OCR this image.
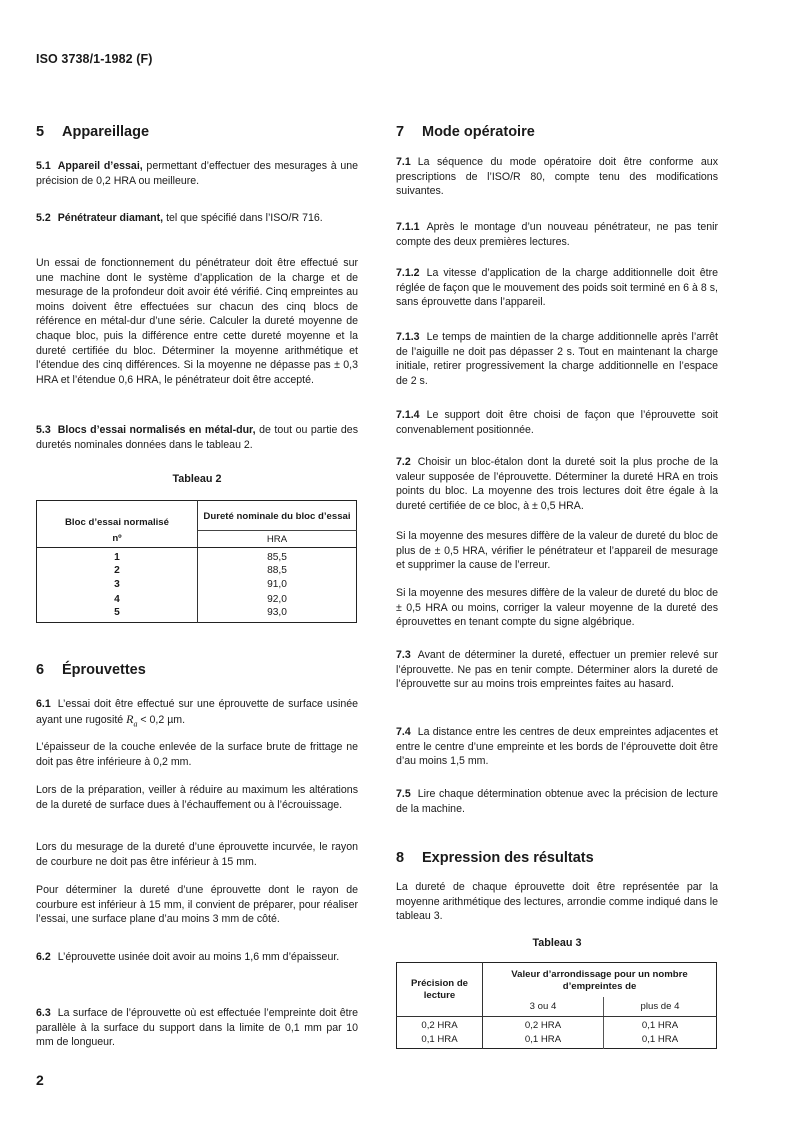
ISO 3738/1-1982 (F)
5 Appareillage

5.1 Appareil d’essai, permettant d’effectuer des mesurages à une précision de 0,2 HRA ou meilleure.

5.2 Pénétrateur diamant, tel que spécifié dans l’ISO/R 716.

Un essai de fonctionnement du pénétrateur doit être effectué sur une machine dont le système d’application de la charge et de mesurage de la profondeur doit avoir été vérifié. Cinq empreintes au moins doivent être effectuées sur chacun des cinq blocs de référence en métal-dur d’une série. Calculer la dureté moyenne de chaque bloc, puis la différence entre cette dureté moyenne et la dureté certifiée du bloc. Déterminer la moyenne arithmétique et l’étendue des cinq différences. Si la moyenne ne dépasse pas ± 0,3 HRA et l’étendue 0,6 HRA, le pénétrateur doit être accepté.

5.3 Blocs d’essai normalisés en métal-dur, de tout ou partie des duretés nominales données dans le tableau 2.

Tableau 2
Bloc d’essai normalisé	Dureté nominale du bloc d’essai
nº	HRA
1	85,5
2	88,5
3	91,0
4	92,0
5	93,0
6 Éprouvettes

6.1 L’essai doit être effectué sur une éprouvette de surface usinée ayant une rugosité $R_a < 0,2$ µm.

L’épaisseur de la couche enlevée de la surface brute de frittage ne doit pas être inférieure à 0,2 mm.

Lors de la préparation, veiller à réduire au maximum les altérations de la dureté de surface dues à l’échauffement ou à l’écrouissage.

Lors du mesurage de la dureté d’une éprouvette incurvée, le rayon de courbure ne doit pas être inférieur à 15 mm.

Pour déterminer la dureté d’une éprouvette dont le rayon de courbure est inférieur à 15 mm, il convient de préparer, pour réaliser l’essai, une surface plane d’au moins 3 mm de côté.

6.2 L’éprouvette usinée doit avoir au moins 1,6 mm d’épaisseur.

6.3 La surface de l’éprouvette où est effectuée l’empreinte doit être parallèle à la surface du support dans la limite de 0,1 mm par 10 mm de longueur.

7 Mode opératoire

7.1 La séquence du mode opératoire doit être conforme aux prescriptions de l’ISO/R 80, compte tenu des modifications suivantes.

7.1.1 Après le montage d’un nouveau pénétrateur, ne pas tenir compte des deux premières lectures.

7.1.2 La vitesse d’application de la charge additionnelle doit être réglée de façon que le mouvement des poids soit terminé en 6 à 8 s, sans éprouvette dans l’appareil.

7.1.3 Le temps de maintien de la charge additionnelle après l’arrêt de l’aiguille ne doit pas dépasser 2 s. Tout en maintenant la charge initiale, retirer progressivement la charge additionnelle en l’espace de 2 s.

7.1.4 Le support doit être choisi de façon que l’éprouvette soit convenablement positionnée.

7.2 Choisir un bloc-étalon dont la dureté soit la plus proche de la valeur supposée de l’éprouvette. Déterminer la dureté HRA en trois points du bloc. La moyenne des trois lectures doit être égale à la dureté certifiée de ce bloc, à ± 0,5 HRA.

Si la moyenne des mesures diffère de la valeur de dureté du bloc de plus de ± 0,5 HRA, vérifier le pénétrateur et l’appareil de mesurage et supprimer la cause de l’erreur.

Si la moyenne des mesures diffère de la valeur de dureté du bloc de ± 0,5 HRA ou moins, corriger la valeur moyenne de la dureté des éprouvettes en tenant compte du signe algébrique.

7.3 Avant de déterminer la dureté, effectuer un premier relevé sur l’éprouvette. Ne pas en tenir compte. Déterminer alors la dureté de l’éprouvette sur au moins trois empreintes faites au hasard.

7.4 La distance entre les centres de deux empreintes adjacentes et entre le centre d’une empreinte et les bords de l’éprouvette doit être d’au moins 1,5 mm.

7.5 Lire chaque détermination obtenue avec la précision de lecture de la machine.

8 Expression des résultats

La dureté de chaque éprouvette doit être représentée par la moyenne arithmétique des lectures, arrondie comme indiqué dans le tableau 3.

Tableau 3
Précision de lecture	Valeur d’arrondissage pour un nombre d’empreintes de	
	3 ou 4	plus de 4
0,2 HRA	0,2 HRA	0,1 HRA
0,1 HRA	0,1 HRA	0,1 HRA
2
